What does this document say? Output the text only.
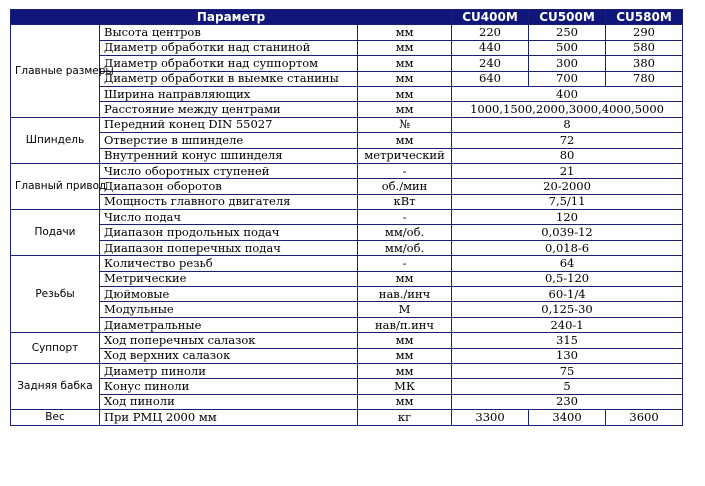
Параметр			CU400M	CU500M	CU580M
Главные размеры	Высота центров	мм	220	250	290
	Диаметр обработки над станиной	мм	440	500	580
	Диаметр обработки над суппортом	мм	240	300	380
	Диаметр обработки в выемке станины	мм	640	700	780
	Ширина направляющих	мм	400		
	Расстояние между центрами	мм	1000,1500,2000,3000,4000,5000		
Шпиндель	Передний конец DIN 55027	№	8		
	Отверстие в шпинделе	мм	72		
	Внутренний конус шпинделя	метрический	80		
Главный привод	Число оборотных ступеней	-	21		
	Диапазон оборотов	об./мин	20-2000		
	Мощность главного двигателя	кВт	7,5/11		
Подачи	Число подач	-	120		
	Диапазон продольных подач	мм/об.	0,039-12		
	Диапазон поперечных подач	мм/об.	0,018-6		
Резьбы	Количество резьб	-	64		
	Метрические	мм	0,5-120		
	Дюймовые	нав./инч	60-1/4		
	Модульные	М	0,125-30		
	Диаметральные	нав/π.инч	240-1		
Суппорт	Ход поперечных салазок	мм	315		
	Ход верхних салазок	мм	130		
Задняя бабка	Диаметр пиноли	мм	75		
	Конус пиноли	МК	5		
	Ход пиноли	мм	230		
Вес	При РМЦ 2000 мм	кг	3300	3400	3600
